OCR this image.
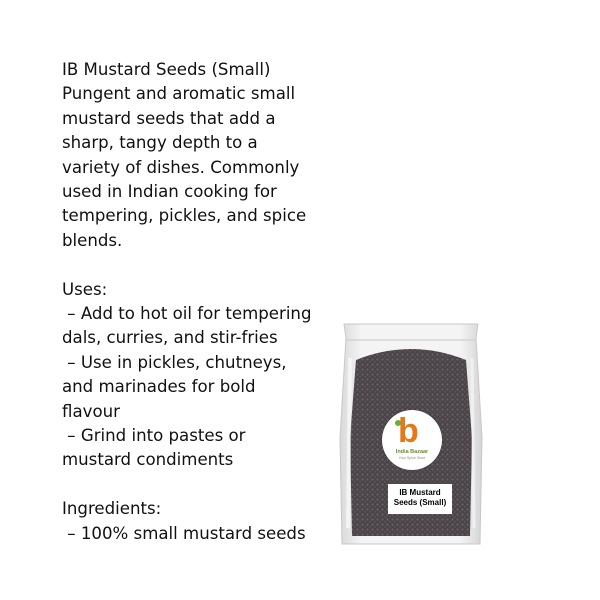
IB Mustard Seeds (Small)

Pungent and aromatic small

mustard seeds that add a

sharp, tangy depth to a

variety of dishes. Commonly

used in Indian cooking for

tempering, pickles, and spice

blends.

Uses:

– Add to hot oil for tempering

dals, curries, and stir-fries

– Use in pickles, chutneys,

and marinades for bold

flavour

– Grind into pastes or

mustard condiments

Ingredients:

– 100% small mustard seeds

b
India Bazaar
Your Spice Store
IB Mustard
Seeds (Small)
